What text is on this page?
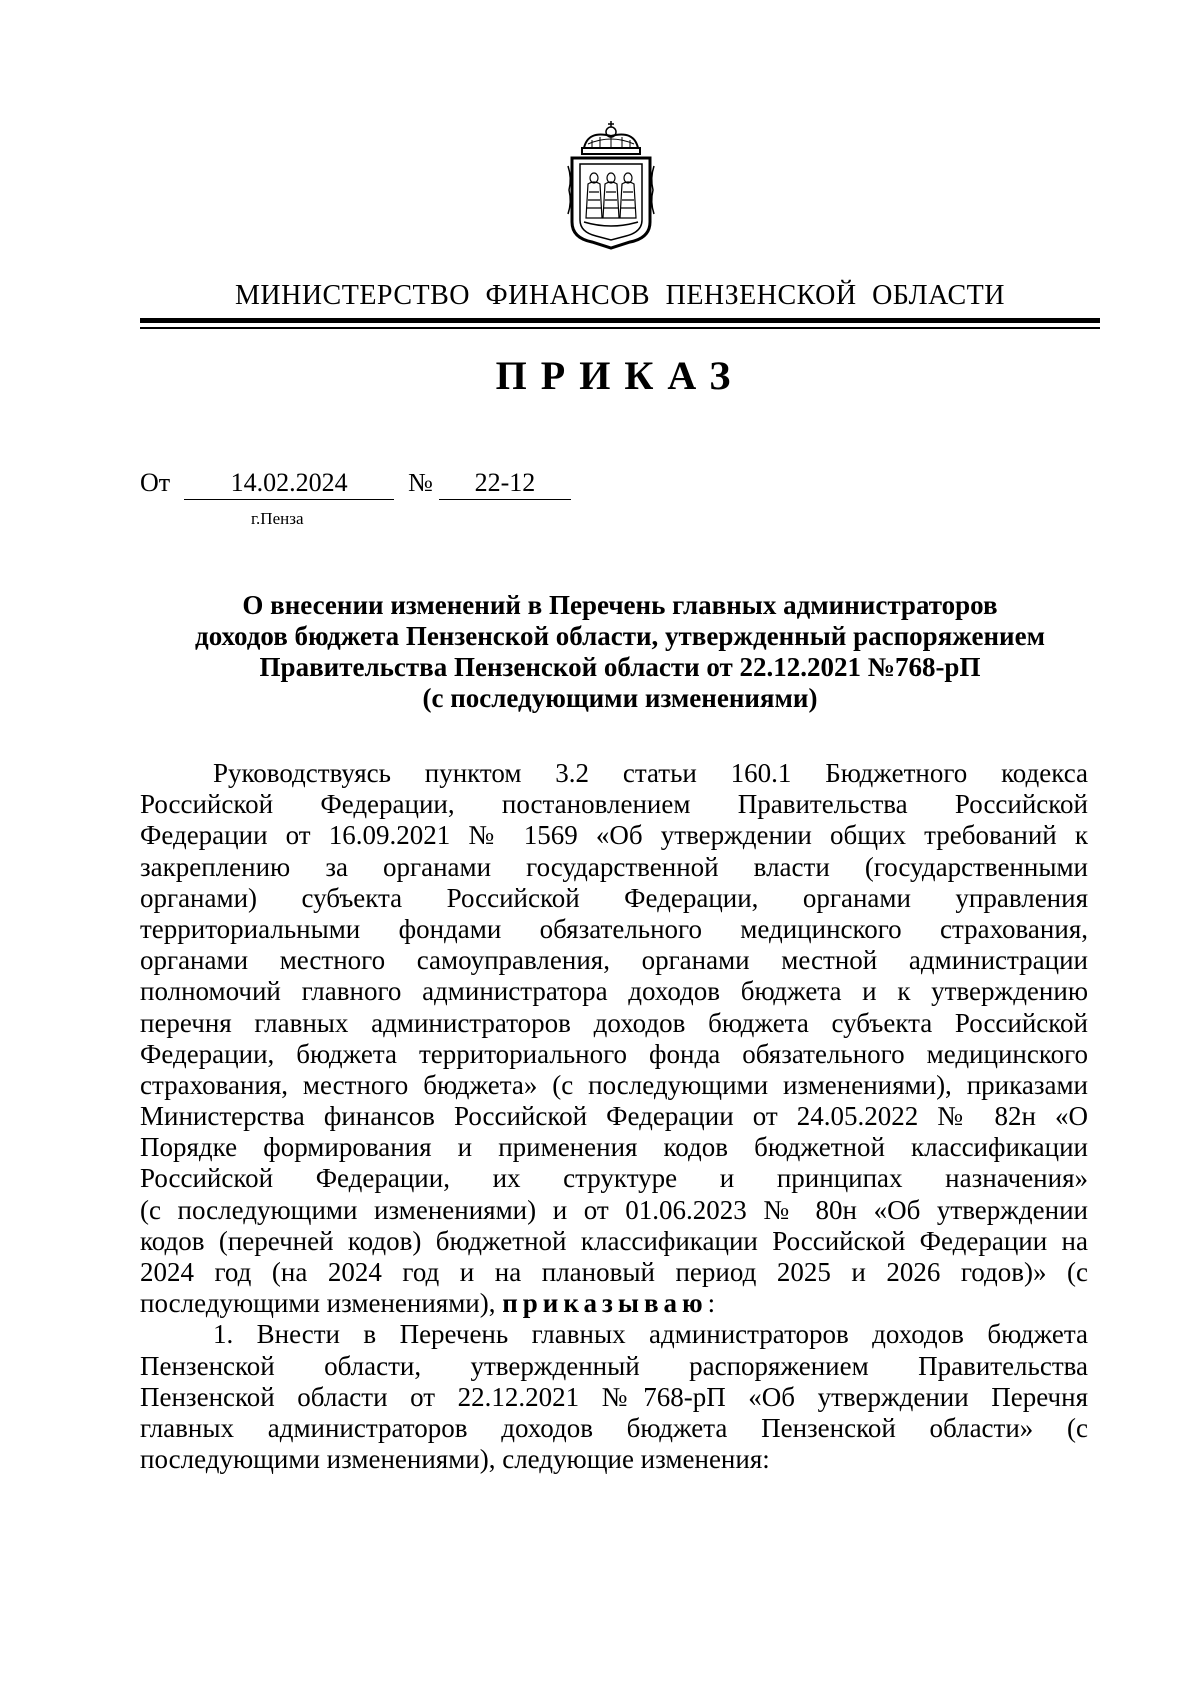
МИНИСТЕРСТВО ФИНАНСОВ ПЕНЗЕНСКОЙ ОБЛАСТИ
ПРИКАЗ
От 14.02.2024 № 22-12
г.Пенза
О внесении изменений в Перечень главных администраторов
доходов бюджета Пензенской области, утвержденный распоряжением
Правительства Пензенской области от 22.12.2021 №768-рП
(с последующими изменениями)
Руководствуясь пунктом 3.2 статьи 160.1 Бюджетного кодекса
Российской Федерации, постановлением Правительства Российской
Федерации от 16.09.2021 № 1569 «Об утверждении общих требований к
закреплению за органами государственной власти (государственными
органами) субъекта Российской Федерации, органами управления
территориальными фондами обязательного медицинского страхования,
органами местного самоуправления, органами местной администрации
полномочий главного администратора доходов бюджета и к утверждению
перечня главных администраторов доходов бюджета субъекта Российской
Федерации, бюджета территориального фонда обязательного медицинского
страхования, местного бюджета» (с последующими изменениями), приказами
Министерства финансов Российской Федерации от 24.05.2022 № 82н «О
Порядке формирования и применения кодов бюджетной классификации
Российской Федерации, их структуре и принципах назначения»
(с последующими изменениями) и от 01.06.2023 № 80н «Об утверждении
кодов (перечней кодов) бюджетной классификации Российской Федерации на
2024 год (на 2024 год и на плановый период 2025 и 2026 годов)» (с
последующими изменениями), приказываю:
1. Внести в Перечень главных администраторов доходов бюджета
Пензенской области, утвержденный распоряжением Правительства
Пензенской области от 22.12.2021 №768-рП «Об утверждении Перечня
главных администраторов доходов бюджета Пензенской области» (с
последующими изменениями), следующие изменения:
